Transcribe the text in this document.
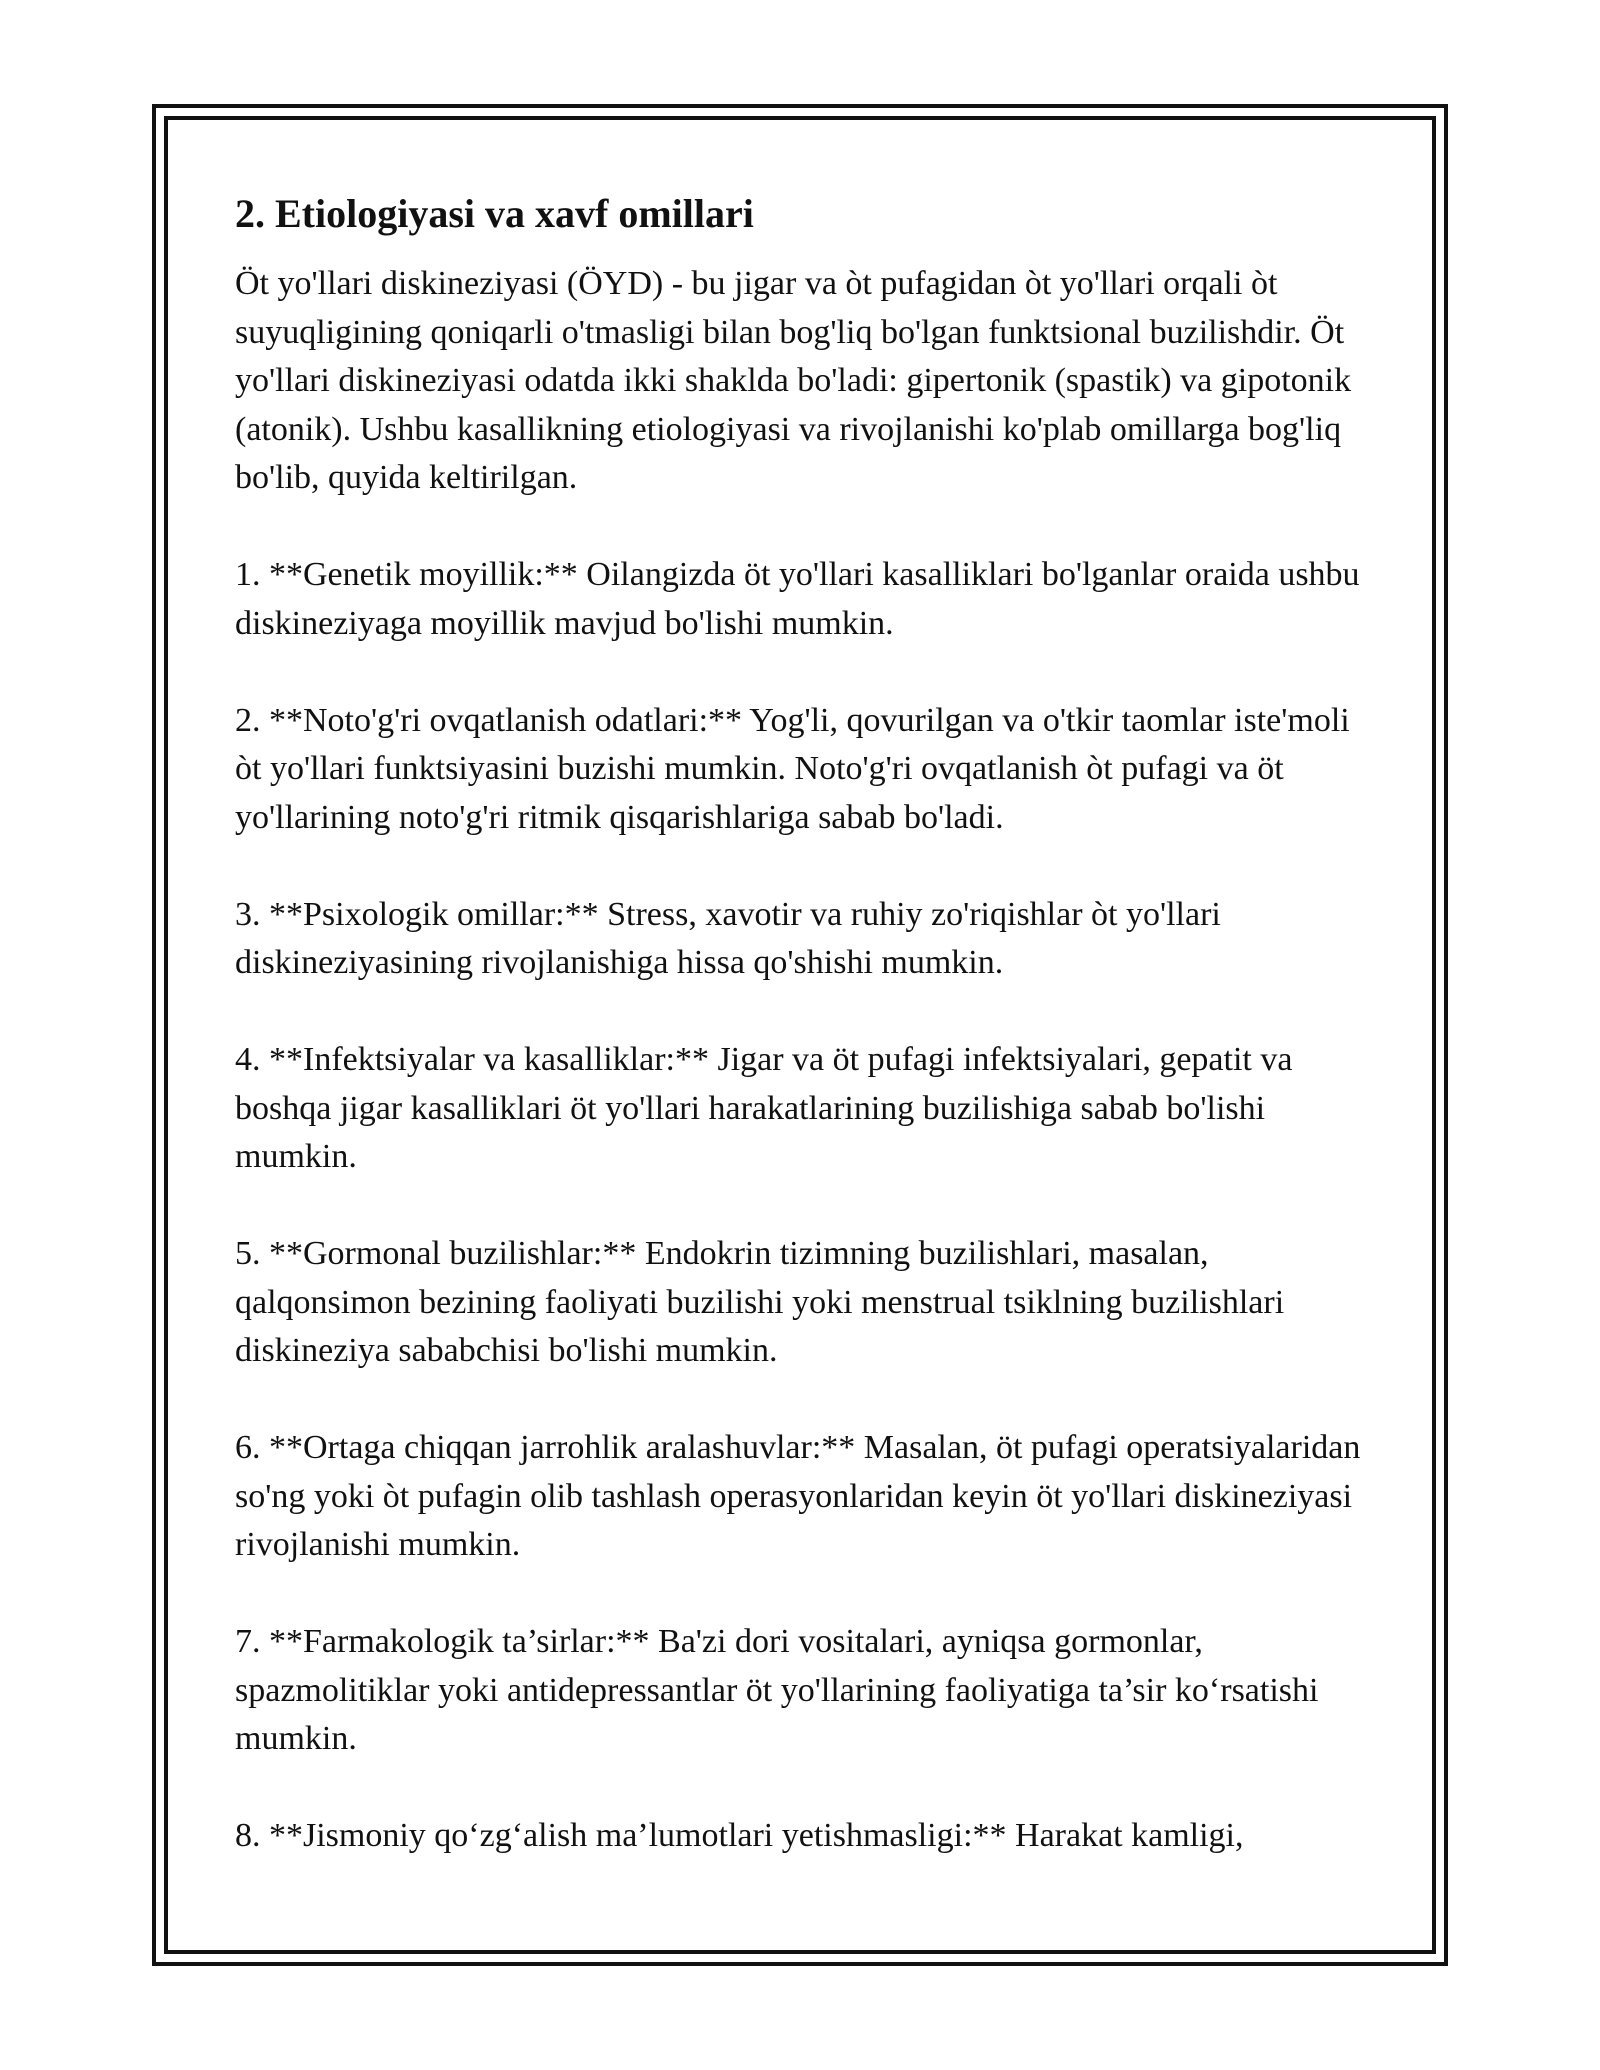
2. Etiologiyasi va xavf omillari

Öt yo'llari diskineziyasi (ÖYD) - bu jigar va òt pufagidan òt yo'llari orqali òt suyuqligining qoniqarli o'tmasligi bilan bog'liq bo'lgan funktsional buzilishdir. Öt yo'llari diskineziyasi odatda ikki shaklda bo'ladi: gipertonik (spastik) va gipotonik (atonik). Ushbu kasallikning etiologiyasi va rivojlanishi ko'plab omillarga bog'liq bo'lib, quyida keltirilgan.

1. **Genetik moyillik:** Oilangizda öt yo'llari kasalliklari bo'lganlar oraida ushbu diskineziyaga moyillik mavjud bo'lishi mumkin.

2. **Noto'g'ri ovqatlanish odatlari:** Yog'li, qovurilgan va o'tkir taomlar iste'moli òt yo'llari funktsiyasini buzishi mumkin. Noto'g'ri ovqatlanish òt pufagi va öt yo'llarining noto'g'ri ritmik qisqarishlariga sabab bo'ladi.

3. **Psixologik omillar:** Stress, xavotir va ruhiy zo'riqishlar òt yo'llari diskineziyasining rivojlanishiga hissa qo'shishi mumkin.

4. **Infektsiyalar va kasalliklar:** Jigar va öt pufagi infektsiyalari, gepatit va boshqa jigar kasalliklari öt yo'llari harakatlarining buzilishiga sabab bo'lishi mumkin.

5. **Gormonal buzilishlar:** Endokrin tizimning buzilishlari, masalan, qalqonsimon bezining faoliyati buzilishi yoki menstrual tsiklning buzilishlari diskineziya sababchisi bo'lishi mumkin.

6. **Ortaga chiqqan jarrohlik aralashuvlar:** Masalan, öt pufagi operatsiyalaridan so'ng yoki òt pufagin olib tashlash operasyonlaridan keyin öt yo'llari diskineziyasi rivojlanishi mumkin.

7. **Farmakologik ta’sirlar:** Ba'zi dori vositalari, ayniqsa gormonlar, spazmolitiklar yoki antidepressantlar öt yo'llarining faoliyatiga ta’sir ko‘rsatishi mumkin.

8. **Jismoniy qo‘zg‘alish ma’lumotlari yetishmasligi:** Harakat kamligi,
